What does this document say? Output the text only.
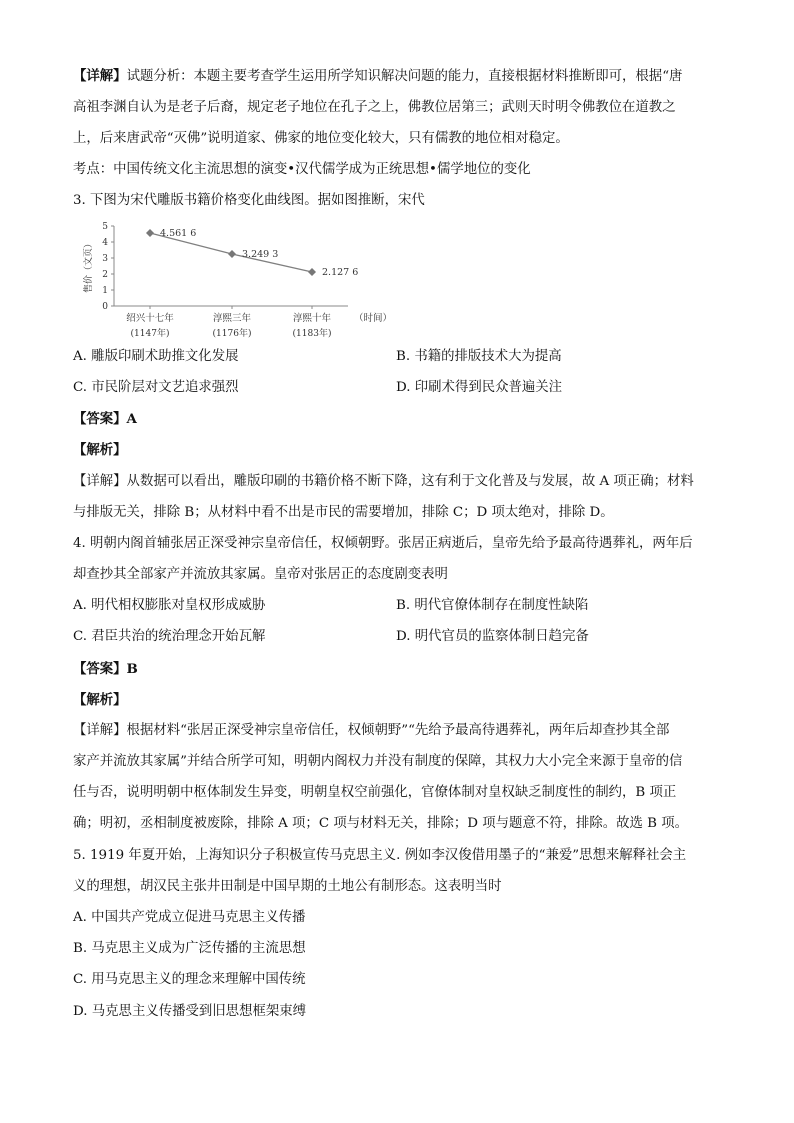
【详解】试题分析：本题主要考查学生运用所学知识解决问题的能力，直接根据材料推断即可，根据“唐
高祖李渊自认为是老子后裔，规定老子地位在孔子之上，佛教位居第三；武则天时明令佛教位在道教之
上，后来唐武帝“灭佛”说明道家、佛家的地位变化较大，只有儒教的地位相对稳定。
考点：中国传统文化主流思想的演变•汉代儒学成为正统思想•儒学地位的变化
3. 下图为宋代雕版书籍价格变化曲线图。据如图推断，宋代
0
1
2
3
4
5
绍兴十七年
(1147年)
淳熙三年
(1176年)
淳熙十年
(1183年)
4.561 6
3.249 3
2.127 6
售价（文页）
（时间）
A. 雕版印刷术助推文化发展	B. 书籍的排版技术大为提高
C. 市民阶层对文艺追求强烈	D. 印刷术得到民众普遍关注
【答案】A
【解析】
【详解】从数据可以看出，雕版印刷的书籍价格不断下降，这有利于文化普及与发展，故 A 项正确；材料
与排版无关，排除 B；从材料中看不出是市民的需要增加，排除 C；D 项太绝对，排除 D。
4. 明朝内阁首辅张居正深受神宗皇帝信任，权倾朝野。张居正病逝后，皇帝先给予最高待遇葬礼，两年后
却查抄其全部家产并流放其家属。皇帝对张居正的态度剧变表明
A. 明代相权膨胀对皇权形成威胁	B. 明代官僚体制存在制度性缺陷
C. 君臣共治的统治理念开始瓦解	D. 明代官员的监察体制日趋完备
【答案】B
【解析】
【详解】根据材料“张居正深受神宗皇帝信任，权倾朝野”“先给予最高待遇葬礼，两年后却查抄其全部
家产并流放其家属”并结合所学可知，明朝内阁权力并没有制度的保障，其权力大小完全来源于皇帝的信
任与否，说明明朝中枢体制发生异变，明朝皇权空前强化，官僚体制对皇权缺乏制度性的制约，B 项正
确；明初，丞相制度被废除，排除 A 项；C 项与材料无关，排除；D 项与题意不符，排除。故选 B 项。
5. 1919 年夏开始，上海知识分子积极宣传马克思主义. 例如李汉俊借用墨子的“兼爱”思想来解释社会主
义的理想，胡汉民主张井田制是中国早期的土地公有制形态。这表明当时
A. 中国共产党成立促进马克思主义传播
B. 马克思主义成为广泛传播的主流思想
C. 用马克思主义的理念来理解中国传统
D. 马克思主义传播受到旧思想框架束缚
